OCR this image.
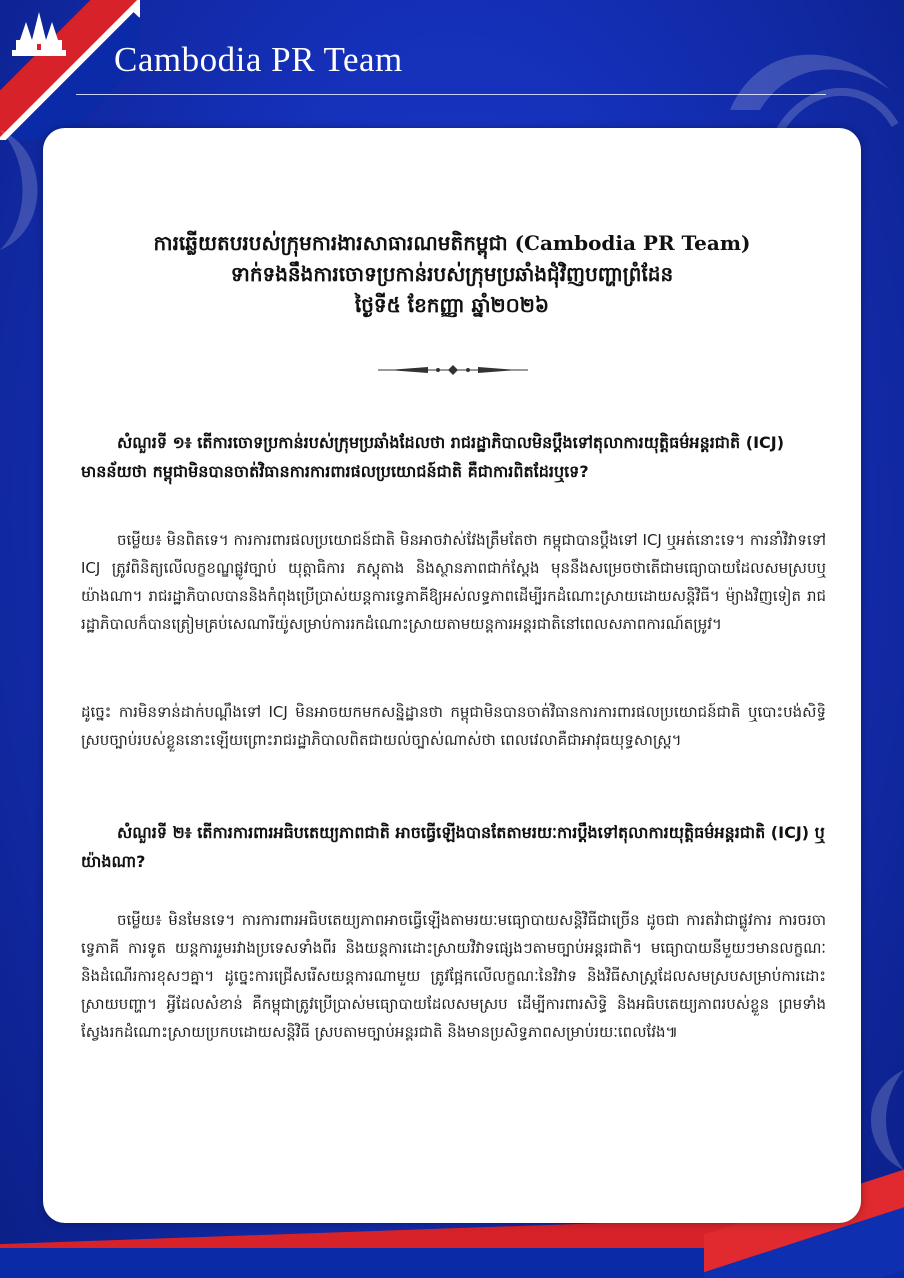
Cambodia PR Team
ការឆ្លើយតបរបស់ក្រុមការងារសាធារណមតិកម្ពុជា (Cambodia PR Team)
ទាក់ទងនឹងការចោទប្រកាន់របស់ក្រុមប្រឆាំងជុំវិញបញ្ហាព្រំដែន
ថ្ងៃទី៥ ខែកញ្ញា ឆ្នាំ២០២៦
សំណួរទី ១៖ តើការចោទប្រកាន់របស់ក្រុមប្រឆាំងដែលថា រាជរដ្ឋាភិបាលមិនប្ដឹងទៅតុលាការយុត្តិធម៌អន្តរជាតិ (ICJ) មានន័យថា កម្ពុជាមិនបានចាត់វិធានការការពារផលប្រយោជន៍ជាតិ គឺជាការពិតដែរឬទេ?
ចម្លើយ៖ មិនពិតទេ។ ការការពារផលប្រយោជន៍ជាតិ មិនអាចវាស់វែងត្រឹមតែថា កម្ពុជាបានប្ដឹងទៅ ICJ ឬអត់នោះទេ។ ការនាំវិវាទទៅ ICJ ត្រូវពិនិត្យលើលក្ខខណ្ឌផ្លូវច្បាប់ យុត្តាធិការ ភស្តុតាង និងស្ថានភាពជាក់ស្ដែង មុននឹងសម្រេចថាតើជាមធ្យោបាយដែលសមស្របឬយ៉ាងណា។ រាជរដ្ឋាភិបាលបាននិងកំពុងប្រើប្រាស់យន្តការទ្វេភាគីឱ្យអស់លទ្ធភាពដើម្បីរកដំណោះស្រាយដោយសន្តិវិធី។ ម៉្យាងវិញទៀត រាជរដ្ឋាភិបាលក៏បានត្រៀមគ្រប់សេណារីយ៉ូសម្រាប់ការរកដំណោះស្រាយតាមយន្តការអន្តរជាតិនៅពេលសភាពការណ៍តម្រូវ។
ដូច្នេះ ការមិនទាន់ដាក់បណ្ដឹងទៅ ICJ មិនអាចយកមកសន្និដ្ឋានថា កម្ពុជាមិនបានចាត់វិធានការការពារផលប្រយោជន៍ជាតិ ឬបោះបង់សិទ្ធិស្របច្បាប់របស់ខ្លួននោះឡើយព្រោះរាជរដ្ឋាភិបាលពិតជាយល់ច្បាស់ណាស់ថា ពេលវេលាគឺជាអាវុធយុទ្ធសាស្ត្រ។
សំណួរទី ២៖ តើការការពារអធិបតេយ្យភាពជាតិ អាចធ្វើឡើងបានតែតាមរយៈការប្ដឹងទៅតុលាការយុត្តិធម៌អន្តរជាតិ (ICJ) ឬយ៉ាងណា?
ចម្លើយ៖ មិនមែនទេ។ ការការពារអធិបតេយ្យភាពអាចធ្វើឡើងតាមរយៈមធ្យោបាយសន្តិវិធីជាច្រើន ដូចជា ការតវ៉ាជាផ្លូវការ ការចរចាទ្វេភាគី ការទូត យន្តការរួមរវាងប្រទេសទាំងពីរ និងយន្តការដោះស្រាយវិវាទផ្សេងៗតាមច្បាប់អន្តរជាតិ។ មធ្យោបាយនីមួយៗមានលក្ខណៈ និងដំណើរការខុសៗគ្នា។ ដូច្នេះការជ្រើសរើសយន្តការណាមួយ ត្រូវផ្អែកលើលក្ខណៈនៃវិវាទ និងវិធីសាស្ត្រដែលសមស្របសម្រាប់ការដោះស្រាយបញ្ហា។ អ្វីដែលសំខាន់ គឺកម្ពុជាត្រូវប្រើប្រាស់មធ្យោបាយដែលសមស្រប ដើម្បីការពារសិទ្ធិ និងអធិបតេយ្យភាពរបស់ខ្លួន ព្រមទាំងស្វែងរកដំណោះស្រាយប្រកបដោយសន្តិវិធី ស្របតាមច្បាប់អន្តរជាតិ និងមានប្រសិទ្ធភាពសម្រាប់រយៈពេលវែង៕
